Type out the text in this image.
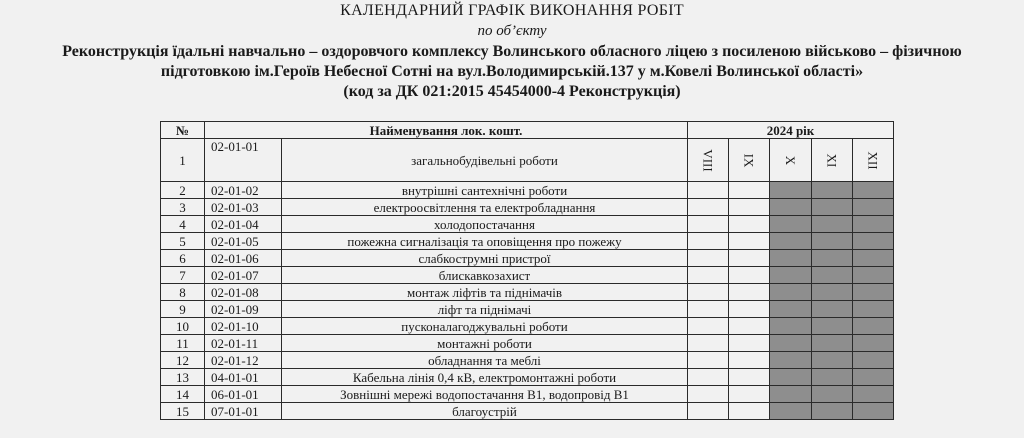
КАЛЕНДАРНИЙ ГРАФІК ВИКОНАННЯ РОБІТ
по об’єкту
Реконструкція їдальні навчально – оздоровчого комплексу Волинського обласного ліцею з посиленою військово – фізичною
підготовкою ім.Героїв Небесної Сотні на вул.Володимирській.137 у м.Ковелі Волинської області»
(код за ДК 021:2015 45454000-4 Реконструкція)
№	Найменування лок. кошт.		2024 рік				
1	02-01-01	загальнобудівельні роботи	VIII	IX	X	XI	XII
2	02-01-02	внутрішні сантехнічні роботи					
3	02-01-03	електроосвітлення та електробладнання					
4	02-01-04	холодопостачання					
5	02-01-05	пожежна сигналізація та оповіщення про пожежу					
6	02-01-06	слабкострумні пристрої					
7	02-01-07	блискавкозахист					
8	02-01-08	монтаж ліфтів та піднімачів					
9	02-01-09	ліфт та піднімачі					
10	02-01-10	пусконалагоджувальні роботи					
11	02-01-11	монтажні роботи					
12	02-01-12	обладнання та меблі					
13	04-01-01	Кабельна лінія 0,4 кВ, електромонтажні роботи					
14	06-01-01	Зовнішні мережі водопостачання В1, водопровід В1					
15	07-01-01	благоустрій					
